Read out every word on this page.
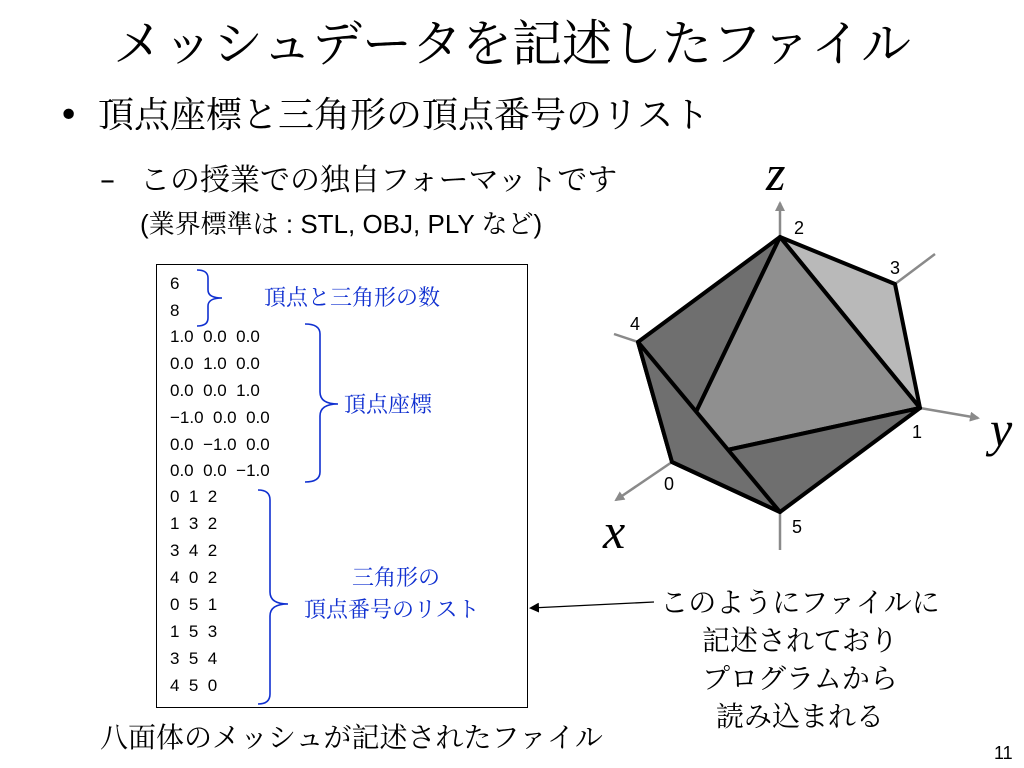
メッシュデータを記述したファイル
• 頂点座標と三角形の頂点番号のリスト
– この授業での独自フォーマットです
(業界標準は : STL, OBJ, PLY など)
6
8
1.0  0.0  0.0
0.0  1.0  0.0
0.0  0.0  1.0
−1.0  0.0  0.0
0.0  −1.0  0.0
0.0  0.0  −1.0
0  1  2
1  3  2
3  4  2
4  0  2
0  5  1
1  5  3
3  5  4
4  5  0
頂点と三角形の数
頂点座標
三角形の
頂点番号のリスト
z
y
x
0
1
2
3
4
5
このようにファイルに
記述されており
プログラムから
読み込まれる
八面体のメッシュが記述されたファイル	11
